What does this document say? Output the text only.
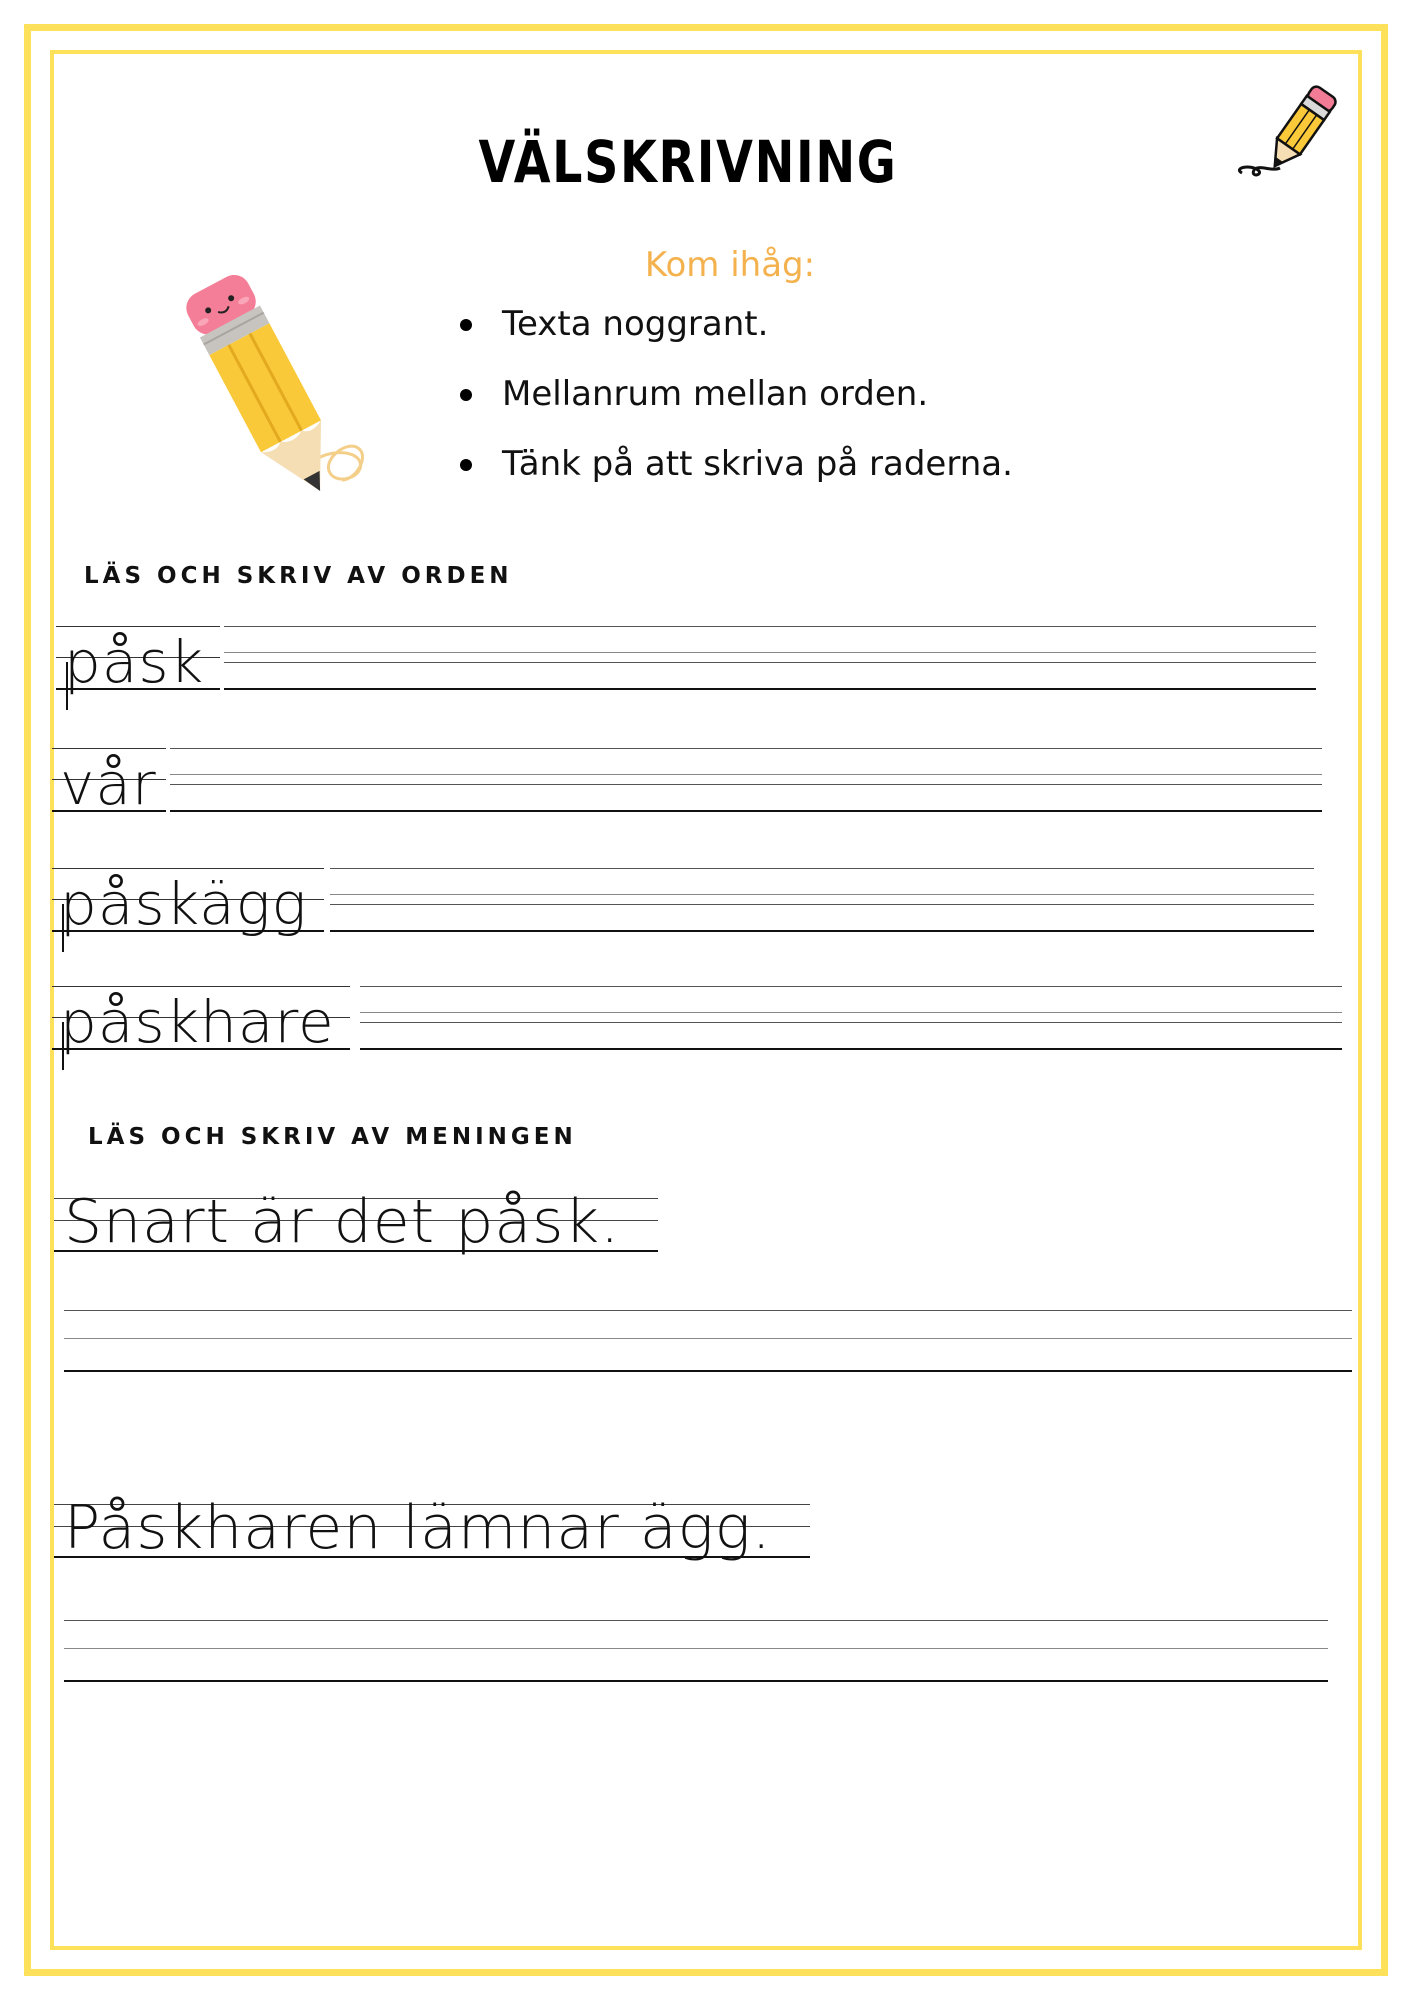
VÄLSKRIVNING
Kom ihåg:
Texta noggrant.
Mellanrum mellan orden.
Tänk på att skriva på raderna.
LÄS OCH SKRIV AV ORDEN
påsk
vår
påskägg
påskhare
LÄS OCH SKRIV AV MENINGEN
Snart är det påsk.
Påskharen lämnar ägg.
